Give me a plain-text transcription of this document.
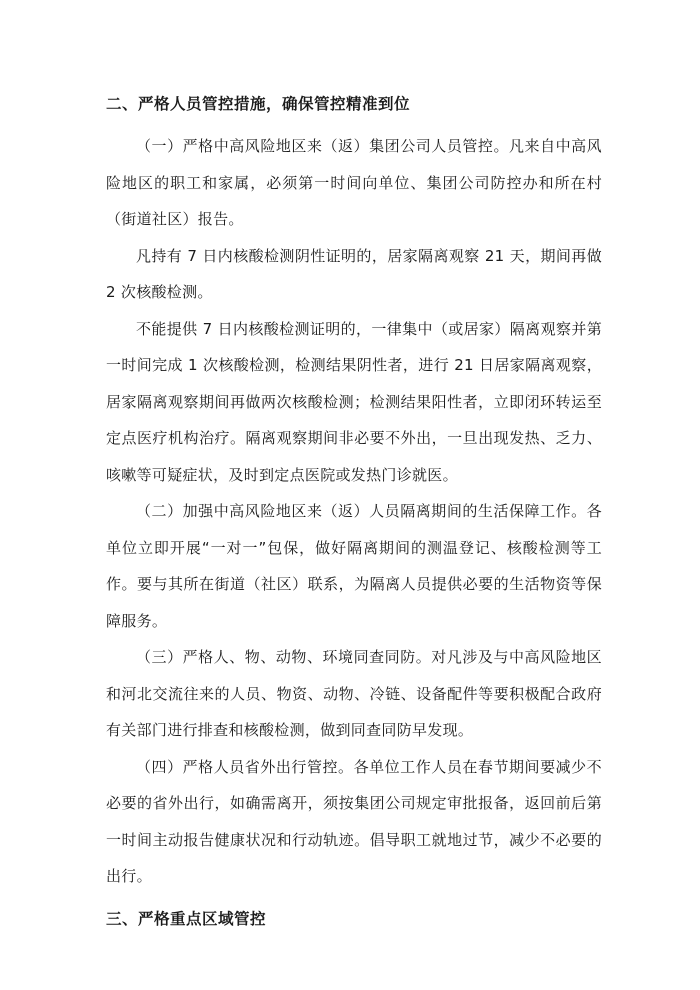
二、严格人员管控措施，确保管控精准到位

（一）严格中高风险地区来（返）集团公司人员管控。凡来自中高风险地区的职工和家属，必须第一时间向单位、集团公司防控办和所在村（街道社区）报告。

凡持有 7 日内核酸检测阴性证明的，居家隔离观察 21 天，期间再做 2 次核酸检测。

不能提供 7 日内核酸检测证明的，一律集中（或居家）隔离观察并第一时间完成 1 次核酸检测，检测结果阴性者，进行 21 日居家隔离观察，居家隔离观察期间再做两次核酸检测；检测结果阳性者，立即闭环转运至定点医疗机构治疗。隔离观察期间非必要不外出，一旦出现发热、乏力、咳嗽等可疑症状，及时到定点医院或发热门诊就医。

（二）加强中高风险地区来（返）人员隔离期间的生活保障工作。各单位立即开展“一对一”包保，做好隔离期间的测温登记、核酸检测等工作。要与其所在街道（社区）联系，为隔离人员提供必要的生活物资等保障服务。

（三）严格人、物、动物、环境同查同防。对凡涉及与中高风险地区和河北交流往来的人员、物资、动物、冷链、设备配件等要积极配合政府有关部门进行排查和核酸检测，做到同查同防早发现。

（四）严格人员省外出行管控。各单位工作人员在春节期间要减少不必要的省外出行，如确需离开，须按集团公司规定审批报备，返回前后第一时间主动报告健康状况和行动轨迹。倡导职工就地过节，减少不必要的出行。

三、严格重点区域管控
